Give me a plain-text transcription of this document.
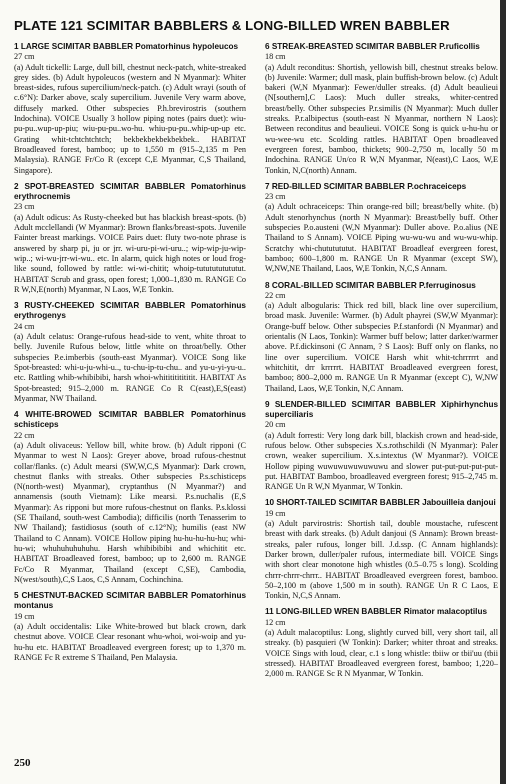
PLATE 121 SCIMITAR BABBLERS & LONG-BILLED WREN BABBLER

1 LARGE SCIMITAR BABBLER Pomatorhinus hypoleucos

27 cm

(a) Adult tickelli: Large, dull bill, chestnut neck-patch, white-streaked grey sides. (b) Adult hypoleucos (western and N Myanmar): Whiter breast-sides, rufous supercilium/neck-patch. (c) Adult wrayi (south of c.6°N): Darker above, scaly supercilium. Juvenile Very warm above, diffusely marked. Other subspecies P.h.brevirostris (southern Indochina). VOICE Usually 3 hollow piping notes (pairs duet): wiu-pu-pu..wup-up-piu; wiu-pu-pu..wo-hu. whiu-pu-pu..whip-up-up etc. Grating whit-tchtchtchtch; bekbekbekbekbekbek.. HABITAT Broadleaved forest, bamboo; up to 1,550 m (915–2,135 m Pen Malaysia). RANGE Fr/Co R (except C,E Myanmar, C,S Thailand, Singapore).

2 SPOT-BREASTED SCIMITAR BABBLER Pomatorhinus erythrocnemis

23 cm

(a) Adult odicus: As Rusty-cheeked but has blackish breast-spots. (b) Adult mcclellandi (W Myanmar): Brown flanks/breast-spots. Juvenile Fainter breast markings. VOICE Pairs duet: fluty two-note phrase is answered by sharp pi, ju or jrr. wi-uru-pi-wi-uru..; wip-wip-ju-wip-wip..; wi-wu-jrr-wi-wu.. etc. In alarm, quick high notes or loud frog-like sound, followed by rattle: wi-wi-chitit; whoip-tututututututut. HABITAT Scrub and grass, open forest; 1,000–1,830 m. RANGE Co R W,N,E(north) Myanmar, N Laos, W,E Tonkin.

3 RUSTY-CHEEKED SCIMITAR BABBLER Pomatorhinus erythrogenys

24 cm

(a) Adult celatus: Orange-rufous head-side to vent, white throat to belly. Juvenile Rufous below, little white on throat/belly. Other subspecies P.e.imberbis (south-east Myanmar). VOICE Song like Spot-breasted: whi-u-ju-whi-u.., tu-chu-ip-tu-chu.. and yu-u-yi-yu-u.. etc. Rattling whib-whibibibi, harsh whoi-whititititititit. HABITAT As Spot-breasted; 915–2,000 m. RANGE Co R C(east),E,S(east) Myanmar, NW Thailand.

4 WHITE-BROWED SCIMITAR BABBLER Pomatorhinus schisticeps

22 cm

(a) Adult olivaceus: Yellow bill, white brow. (b) Adult ripponi (C Myanmar to west N Laos): Greyer above, broad rufous-chestnut collar/flanks. (c) Adult mearsi (SW,W,C,S Myanmar): Dark crown, chestnut flanks with streaks. Other subspecies P.s.schisticeps (N(north-west) Myanmar), cryptanthus (N Myanmar?) and annamensis (south Vietnam): Like mearsi. P.s.nuchalis (E,S Myanmar): As ripponi but more rufous-chestnut on flanks. P.s.klossi (SE Thailand, south-west Cambodia); difficilis (north Tenasserim to NW Thailand); fastidiosus (south of c.12°N); humilis (east NW Thailand to C Annam). VOICE Hollow piping hu-hu-hu-hu-hu; whi-hu-wi; whuhuhuhuhuhu. Harsh whibibibibi and whichitit etc. HABITAT Broadleaved forest, bamboo; up to 2,600 m. RANGE Fc/Co R Myanmar, Thailand (except C,SE), Cambodia, N(west/south),C,S Laos, C,S Annam, Cochinchina.

5 CHESTNUT-BACKED SCIMITAR BABBLER Pomatorhinus montanus

19 cm

(a) Adult occidentalis: Like White-browed but black crown, dark chestnut above. VOICE Clear resonant whu-whoi, woi-woip and yu-hu-hu etc. HABITAT Broadleaved evergreen forest; up to 1,370 m. RANGE Fc R extreme S Thailand, Pen Malaysia.

6 STREAK-BREASTED SCIMITAR BABBLER P.ruficollis

18 cm

(a) Adult reconditus: Shortish, yellowish bill, chestnut streaks below. (b) Juvenile: Warmer; dull mask, plain buffish-brown below. (c) Adult bakeri (W,N Myanmar): Fewer/duller streaks. (d) Adult beaulieui (N[southern],C Laos): Much duller streaks, whiter-centred breast/belly. Other subspecies P.r.similis (N Myanmar): Much duller streaks. P.r.albipectus (south-east N Myanmar, northern N Laos): Between reconditus and beaulieui. VOICE Song is quick u-hu-hu or wu-wee-wu etc. Scolding rattles. HABITAT Open broadleaved evergreen forest, bamboo, thickets; 900–2,750 m, locally 50 m Indochina. RANGE Un/co R W,N Myanmar, N(east),C Laos, W,E Tonkin, N,C(north) Annam.

7 RED-BILLED SCIMITAR BABBLER P.ochraceiceps

23 cm

(a) Adult ochraceiceps: Thin orange-red bill; breast/belly white. (b) Adult stenorhynchus (north N Myanmar): Breast/belly buff. Other subspecies P.o.austeni (W,N Myanmar): Duller above. P.o.alius (NE Thailand to S Annam). VOICE Piping wu-wu-wu and wu-wu-whip. Scratchy whi-chututututut. HABITAT Broadleaf evergreen forest, bamboo; 600–1,800 m. RANGE Un R Myanmar (except SW), W,NW,NE Thailand, Laos, W,E Tonkin, N,C,S Annam.

8 CORAL-BILLED SCIMITAR BABBLER P.ferruginosus

22 cm

(a) Adult albogularis: Thick red bill, black line over supercilium, broad mask. Juvenile: Warmer. (b) Adult phayrei (SW,W Myanmar): Orange-buff below. Other subspecies P.f.stanfordi (N Myanmar) and orientalis (N Laos, Tonkin): Warmer buff below; latter darker/warmer above. P.f.dickinsoni (C Annam, ? S Laos): Buff only on flanks, no line over supercilium. VOICE Harsh whit whit-tchrrrrrt and whitchitit, drr krrrrrt. HABITAT Broadleaved evergreen forest, bamboo; 800–2,000 m. RANGE Un R Myanmar (except C), W,NW Thailand, Laos, W,E Tonkin, N,C Annam.

9 SLENDER-BILLED SCIMITAR BABBLER Xiphirhynchus superciliaris

20 cm

(a) Adult forresti: Very long dark bill, blackish crown and head-side, rufous below. Other subspecies X.s.rothschildi (N Myanmar): Paler crown, weaker supercilium. X.s.intextus (W Myanmar?). VOICE Hollow piping wuwuwuwuwuwuwu and slower put-put-put-put-put-put. HABITAT Bamboo, broadleaved evergreen forest; 915–2,745 m. RANGE Un R W,N Myanmar, W Tonkin.

10 SHORT-TAILED SCIMITAR BABBLER Jabouilleia danjoui

19 cm

(a) Adult parvirostris: Shortish tail, double moustache, rufescent breast with dark streaks. (b) Adult danjoui (S Annam): Brown breast-streaks, paler rufous, longer bill. J.d.ssp. (C Annam highlands): Darker brown, duller/paler rufous, intermediate bill. VOICE Sings with short clear monotone high whistles (0.5–0.75 s long). Scolding chrrr-chrrr-chrrr.. HABITAT Broadleaved evergreen forest, bamboo. 50–2,100 m (above 1,500 m in south). RANGE Un R C Laos, E Tonkin, N,C,S Annam.

11 LONG-BILLED WREN BABBLER Rimator malacoptilus

12 cm

(a) Adult malacoptilus: Long, slightly curved bill, very short tail, all streaky. (b) pasquieri (W Tonkin): Darker; whiter throat and streaks. VOICE Sings with loud, clear, c.1 s long whistle: tbiiw or tbii'uu (tbii stressed). HABITAT Broadleaved evergreen forest, bamboo; 1,220–2,000 m. RANGE Sc R N Myanmar, W Tonkin.

250
